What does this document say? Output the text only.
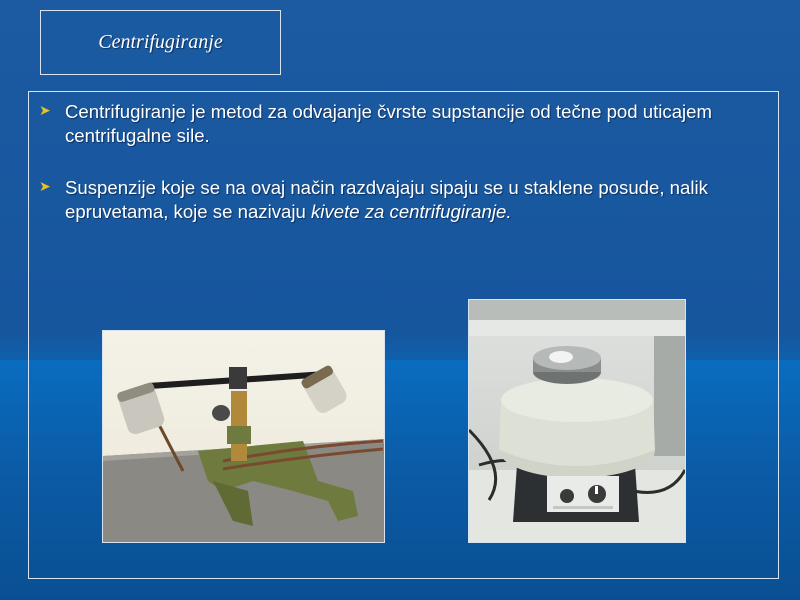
Centrifugiranje
➤ Centrifugiranje je metod za odvajanje čvrste supstancije od tečne pod uticajem centrifugalne sile.
➤ Suspenzije koje se na ovaj način razdvajaju sipaju se u staklene posude, nalik epruvetama, koje se nazivaju kivete za centrifugiranje.
